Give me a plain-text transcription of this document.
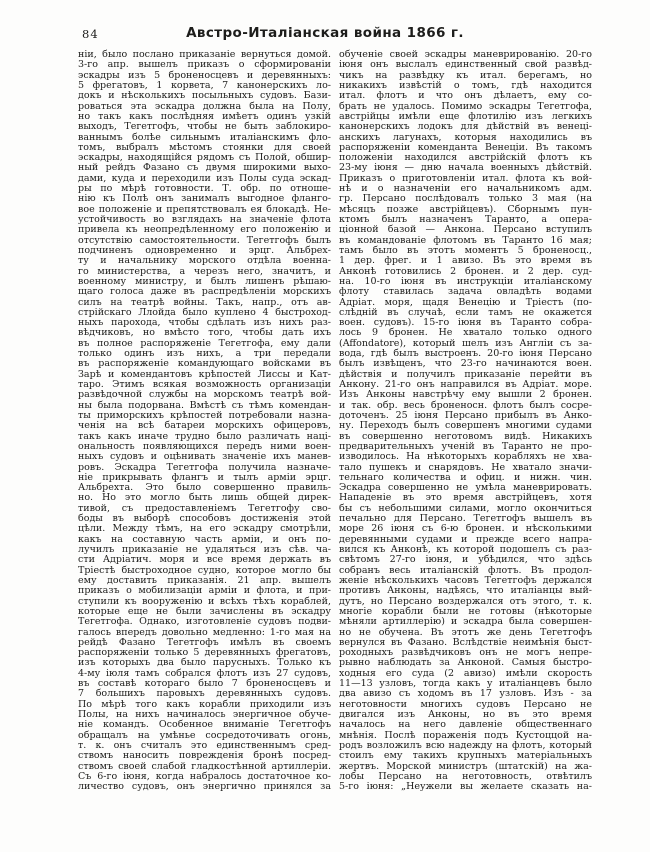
84	Австро-Италіанская война 1866 г.
ніи, было послано приказаніе вернуться домой.
3-го апр. вышелъ приказъ о сформированіи
эскадры изъ 5 броненосцевъ и деревянныхъ:
5 фрегатовъ, 1 корвета, 7 канонерскихъ ло-
докъ и нѣсколькихъ посыльныхъ судовъ. Бази-
роваться эта эскадра должна была на Полу,
но такъ какъ послѣдняя имѣетъ одинъ узкій
выходъ, Тегетгофъ, чтобы не быть заблокиро-
ваннымъ болѣе сильнымъ италіанскимъ фло-
томъ, выбралъ мѣстомъ стоянки для своей
эскадры, находящійся рядомъ съ Полой, обшир-
ный рейдъ Фазано съ двумя широкими выхо-
дами, куда и переходили изъ Полы суда эскад-
ры по мѣрѣ готовности. Т. обр. по отноше-
нію къ Полѣ онъ занималъ выгодное фланго-
вое положеніе и препятствовалъ ея блокадѣ. Не-
устойчивость во взглядахъ на значеніе флота
привела къ неопредѣленному его положенію и
отсутствію самостоятельности. Тегетгофъ былъ
подчиненъ одновременно и эрцг. Альбрех-
ту и начальнику морского отдѣла военна-
го министерства, а черезъ него, значитъ, и
военному министру, и былъ лишенъ рѣшаю-
щаго голоса даже въ распредѣленіи морскихъ
силъ на театрѣ войны. Такъ, напр., отъ ав-
стрійскаго Ллойда было куплено 4 быстроход-
ныхъ парохода, чтобы сдѣлать изъ нихъ раз-
вѣдчиковъ, но вмѣсто того, чтобы дать ихъ
въ полное распоряженіе Тегетгофа, ему дали
только одинъ изъ нихъ, а три передали
въ распоряженіе командующаго войсками въ
Зарѣ и комендантовъ крѣпостей Лиссы и Кат-
таро. Этимъ всякая возможность организаціи
развѣдочной службы на морскомъ театрѣ вой-
ны была подорвана. Вмѣстѣ съ тѣмъ комендан-
ты приморскихъ крѣпостей потребовали назна-
ченія на всѣ батареи морскихъ офицеровъ,
такъ какъ иначе трудно было различать наці-
ональность появляющихся передъ ними воен-
ныхъ судовъ и оцѣнивать значеніе ихъ манев-
ровъ. Эскадра Тегетгофа получила назначе-
ніе прикрывать флангъ и тылъ арміи эрцг.
Альбрехта. Это было совершенно правиль-
но. Но это могло быть лишь общей дирек-
тивой, съ предоставленіемъ Тегетгофу сво-
боды въ выборѣ способовъ достиженія этой
цѣли. Между тѣмъ, на его эскадру смотрѣли,
какъ на составную часть арміи, и онъ по-
лучилъ приказаніе не удаляться изъ сѣв. ча-
сти Адріатич. моря и все время держать въ
Тріестѣ быстроходное судно, которое могло бы
ему доставить приказанія. 21 апр. вышелъ
приказъ о мобилизаціи арміи и флота, и при-
ступили къ вооруженію и всѣхъ тѣхъ кораблей,
которые еще не были зачислены въ эскадру
Тегетгофа. Однако, изготовленіе судовъ подви-
галось впередъ довольно медленно: 1-го мая на
рейдѣ Фазано Тегетгофъ имѣлъ въ своемъ
распоряженіи только 5 деревянныхъ фрегатовъ,
изъ которыхъ два было парусныхъ. Только къ
4-му іюля тамъ собрался флотъ изъ 27 судовъ,
въ составѣ котораго было 7 броненосцевъ и
7 большихъ паровыхъ деревянныхъ судовъ.
По мѣрѣ того какъ корабли приходили изъ
Полы, на нихъ начиналось энергичное обуче-
ніе командъ. Особенное вниманіе Тегетгофъ
обращалъ на умѣнье сосредоточивать огонь,
т. к. онъ считалъ это единственнымъ сред-
ствомъ наносить поврежденія бронѣ посред-
ствомъ своей слабой гладкостѣнной артиллеріи.
Съ 6-го іюня, когда набралось достаточное ко-
личество судовъ, онъ энергично принялся за
обученіе своей эскадры маневрированію. 20-го
іюня онъ выслалъ единственный свой развѣд-
чикъ на развѣдку къ итал. берегамъ, но
никакихъ извѣстій о томъ, гдѣ находится
итал. флотъ и что онъ дѣлаетъ, ему со-
брать не удалось. Помимо эскадры Тегетгофа,
австрійцы имѣли еще флотилію изъ легкихъ
канонерскихъ лодокъ для дѣйствій въ венеці-
анскихъ лагунахъ, которыя находились въ
распоряженіи коменданта Венеціи. Въ такомъ
положеніи находился австрійскій флотъ къ
23-му іюня — дню начала военныхъ дѣйствій.
Приказъ о приготовленіи итал. флота къ вой-
нѣ и о назначеніи его начальникомъ адм.
гр. Персано послѣдовалъ только 3 мая (на
мѣсяцъ позже австрійцевъ). Сборнымъ пун-
ктомъ былъ назначенъ Таранто, а опера-
ціонной базой — Анкона. Персано вступилъ
въ командованіе флотомъ въ Таранто 16 мая;
тамъ было въ этотъ моментъ 5 броненосц.,
1 дер. фрег. и 1 авизо. Въ это время въ
Анконѣ готовились 2 бронен. и 2 дер. суд-
на. 10-го іюня въ инструкціи италіанскому
флоту ставилась задача овладѣть водами
Адріат. моря, щадя Венецію и Тріестъ (по-
слѣдній въ случаѣ, если тамъ не окажется
воен. судовъ). 15-го іюня въ Таранто собра-
лось 9 бронен. Не хватало только одного
(Affondatore), который шелъ изъ Англіи съ за-
вода, гдѣ былъ выстроенъ. 20-го іюня Персано
былъ извѣщенъ, что 23-го начинаются воен.
дѣйствія и получилъ приказаніе перейти въ
Анкону. 21-го онъ направился въ Адріат. море.
Изъ Анконы навстрѣчу ему вышли 2 бронен.
и так. обр. весь броненосн. флотъ былъ сосре-
доточенъ. 25 іюня Персано прибылъ въ Анко-
ну. Переходъ былъ совершенъ многими судами
въ совершенно неготовомъ видѣ. Никакихъ
предварительныхъ ученій въ Таранто не про-
изводилось. На нѣкоторыхъ корабляхъ не хва-
тало пушекъ и снарядовъ. Не хватало значи-
тельнаго количества и офиц. и нижн. чин.
Эскадра совершенно не умѣла маневрировать.
Нападеніе въ это время австрійцевъ, хотя
бы съ небольшими силами, могло окончиться
печально для Персано. Тегетгофъ вышелъ въ
море 26 іюня съ 6-ю бронен. и нѣсколькими
деревянными судами и прежде всего напра-
вился къ Анконѣ, къ которой подошелъ съ раз-
свѣтомъ 27-го іюня, и убѣдился, что здѣсь
собранъ весь италіанскій флотъ. Въ продол-
женіе нѣсколькихъ часовъ Тегетгофъ держался
противъ Анконы, надѣясь, что италіанцы вый-
дутъ, но Персано воздержался отъ этого, т. к.
многіе корабли были не готовы (нѣкоторые
мѣняли артиллерію) и эскадра была совершен-
но не обучена. Въ этотъ же день Тегетгофъ
вернулся въ Фазано. Вслѣдствіе неимѣнія быст-
роходныхъ развѣдчиковъ онъ не могъ непре-
рывно наблюдать за Анконой. Самыя быстро-
ходныя его суда (2 авизо) имѣли скорость
11—13 узловъ, тогда какъ у италіанцевъ было
два авизо съ ходомъ въ 17 узловъ. Изъ - за
неготовности многихъ судовъ Персано не
двигался изъ Анконы, но въ это время
началось на него давленіе общественнаго
мнѣнія. Послѣ пораженія подъ Кустоццой на-
родъ возложилъ всю надежду на флотъ, который
стоилъ ему такихъ крупныхъ матеріальныхъ
жертвъ. Морской министръ (штатскій) на жа-
лобы Персано на неготовность, отвѣтилъ
5-го іюня: „Неужели вы желаете сказать на-
